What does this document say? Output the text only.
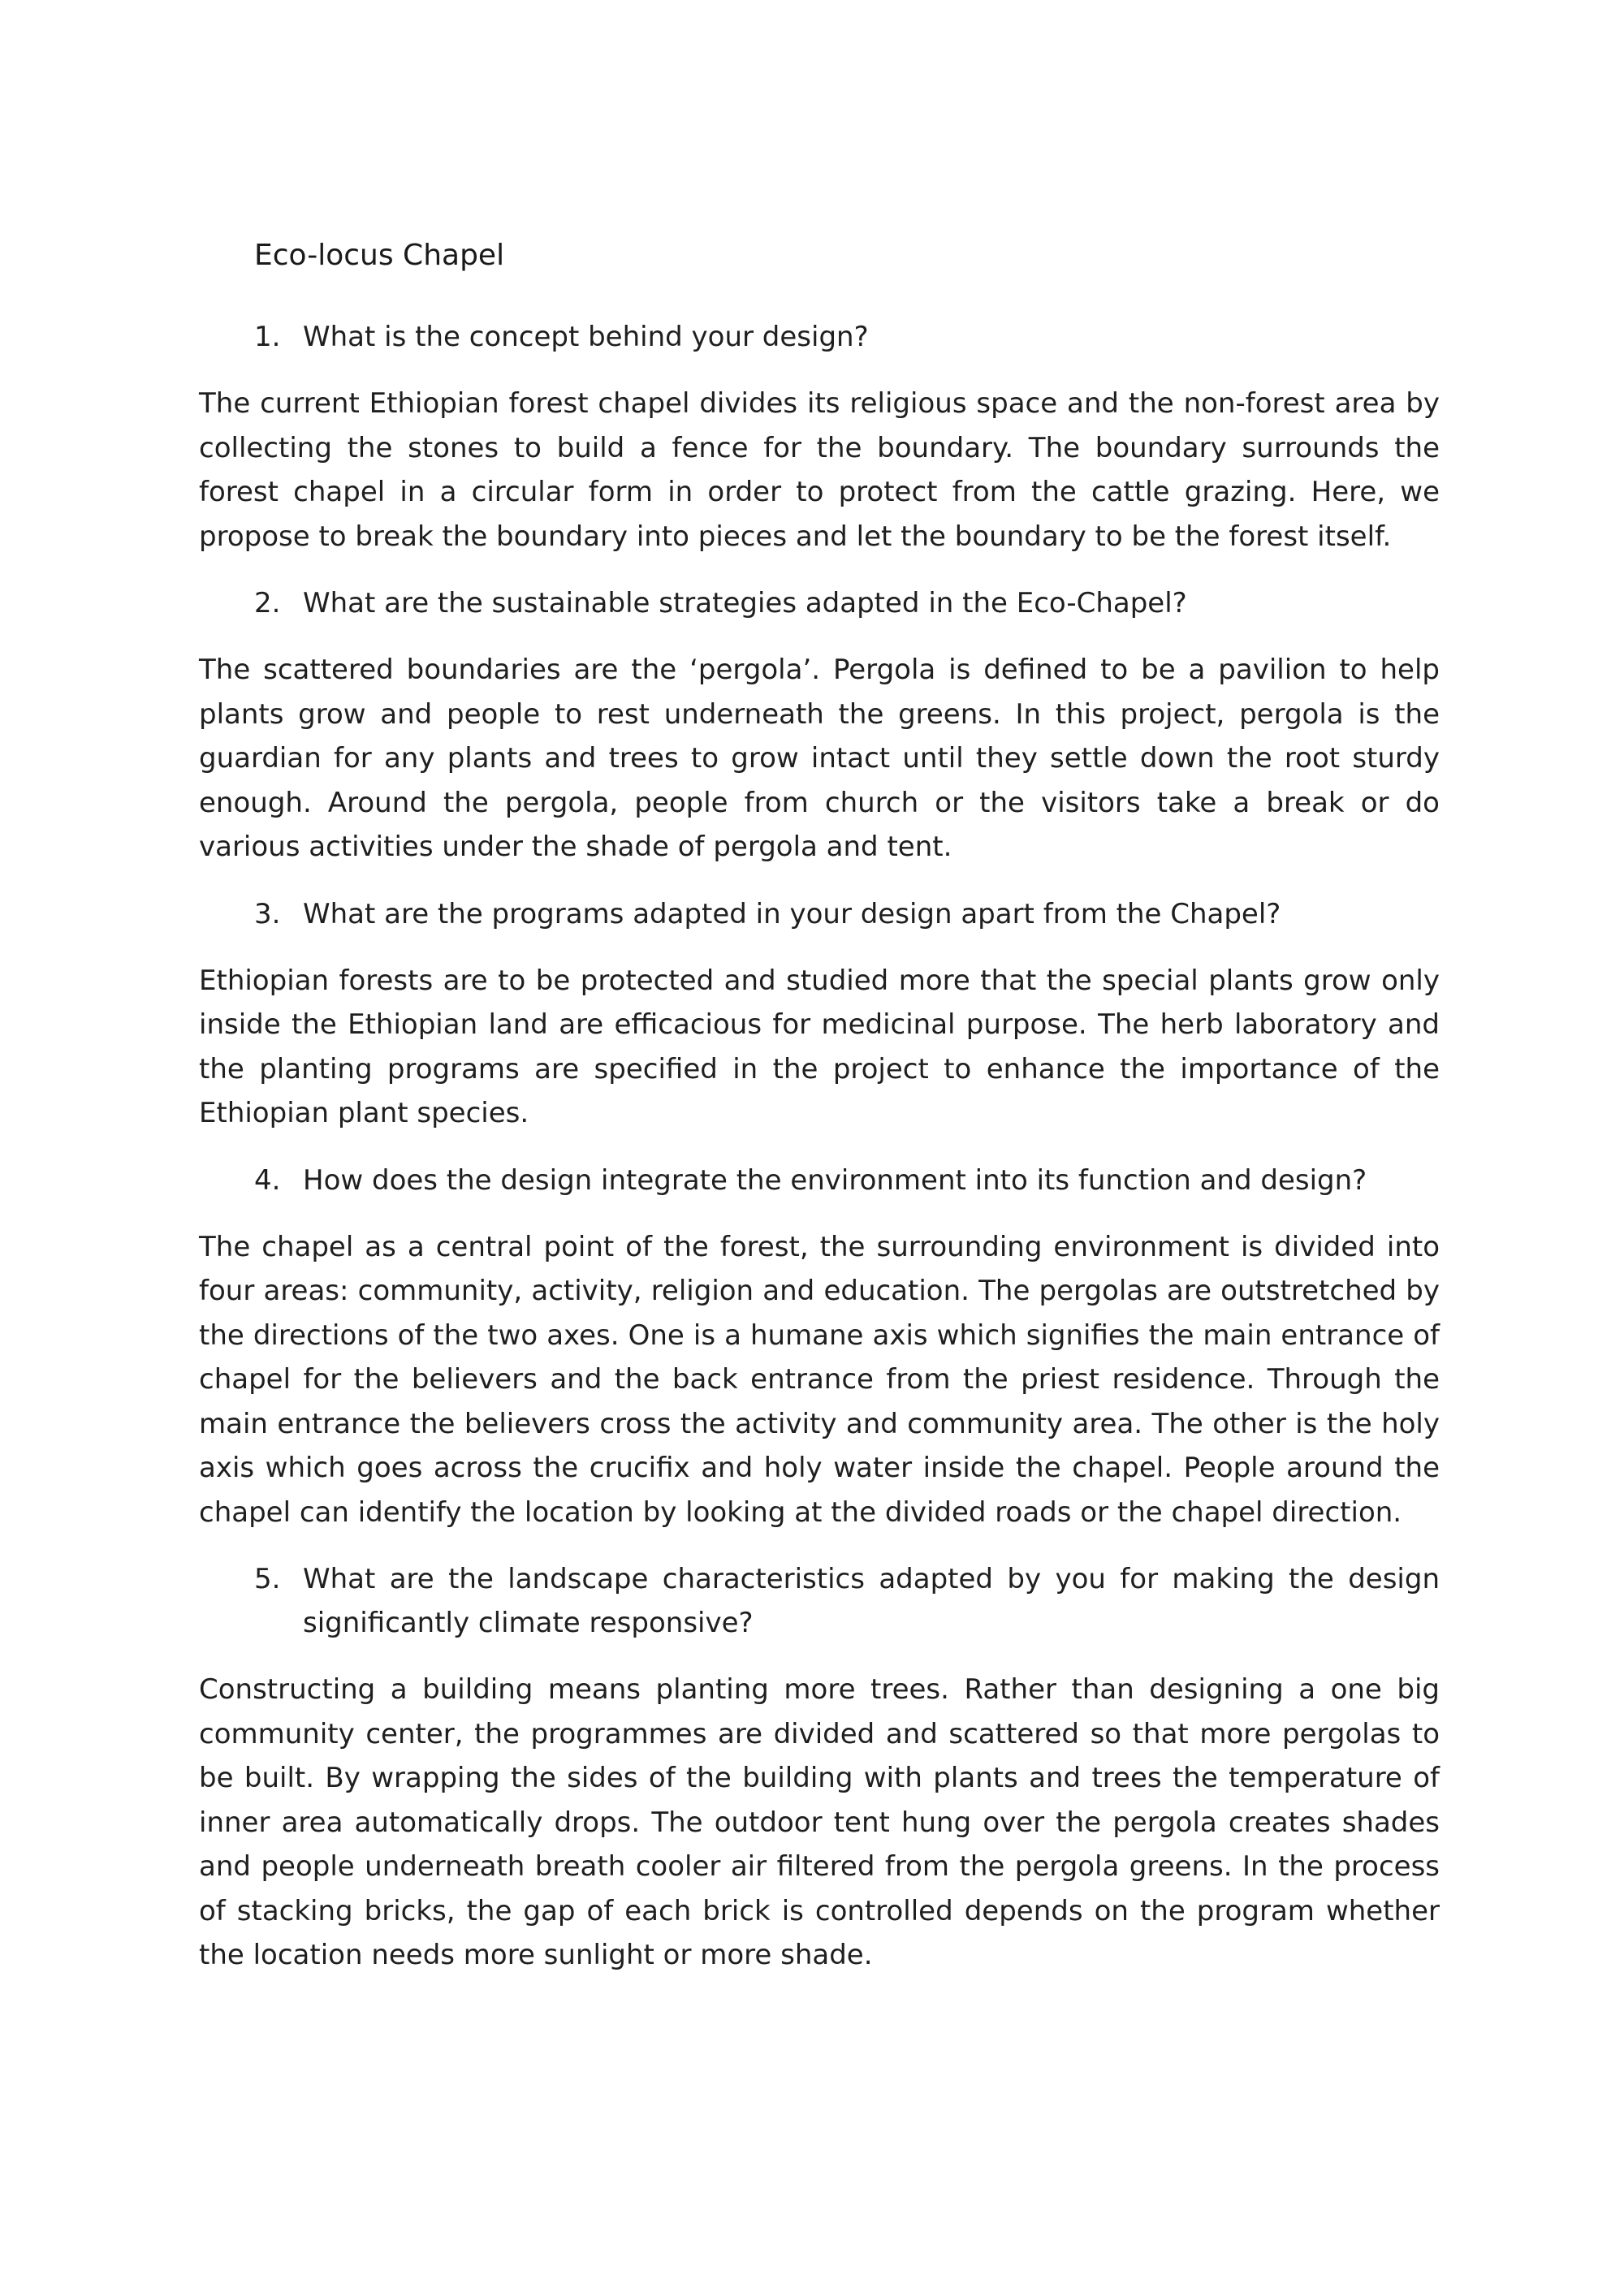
Eco-locus Chapel
1. What is the concept behind your design?

The current Ethiopian forest chapel divides its religious space and the non-forest area by collecting the stones to build a fence for the boundary. The boundary surrounds the forest chapel in a circular form in order to protect from the cattle grazing. Here, we propose to break the boundary into pieces and let the boundary to be the forest itself.

2. What are the sustainable strategies adapted in the Eco-Chapel?

The scattered boundaries are the ‘pergola’. Pergola is defined to be a pavilion to help plants grow and people to rest underneath the greens. In this project, pergola is the guardian for any plants and trees to grow intact until they settle down the root sturdy enough. Around the pergola, people from church or the visitors take a break or do various activities under the shade of pergola and tent.

3. What are the programs adapted in your design apart from the Chapel?

Ethiopian forests are to be protected and studied more that the special plants grow only inside the Ethiopian land are efficacious for medicinal purpose. The herb laboratory and the planting programs are specified in the project to enhance the importance of the Ethiopian plant species.

4. How does the design integrate the environment into its function and design?

The chapel as a central point of the forest, the surrounding environment is divided into four areas: community, activity, religion and education. The pergolas are outstretched by the directions of the two axes. One is a humane axis which signifies the main entrance of chapel for the believers and the back entrance from the priest residence. Through the main entrance the believers cross the activity and community area. The other is the holy axis which goes across the crucifix and holy water inside the chapel. People around the chapel can identify the location by looking at the divided roads or the chapel direction.

5. What are the landscape characteristics adapted by you for making the design significantly climate responsive?

Constructing a building means planting more trees. Rather than designing a one big community center, the programmes are divided and scattered so that more pergolas to be built. By wrapping the sides of the building with plants and trees the temperature of inner area automatically drops. The outdoor tent hung over the pergola creates shades and people underneath breath cooler air filtered from the pergola greens. In the process of stacking bricks, the gap of each brick is controlled depends on the program whether the location needs more sunlight or more shade.
